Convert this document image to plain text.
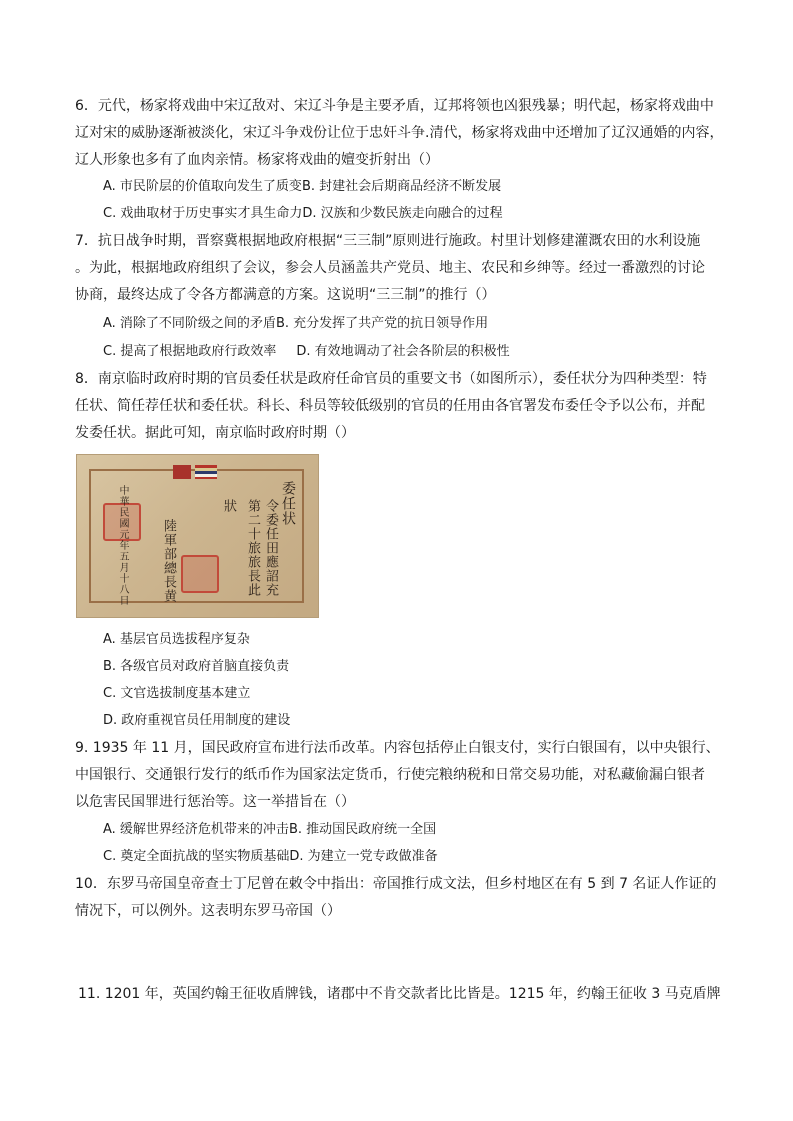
6．元代，杨家将戏曲中宋辽敌对、宋辽斗争是主要矛盾，辽邦将领也凶狠残暴；明代起，杨家将戏曲中
辽对宋的威胁逐渐被淡化，宋辽斗争戏份让位于忠奸斗争.清代，杨家将戏曲中还增加了辽汉通婚的内容，
辽人形象也多有了血肉亲情。杨家将戏曲的嬗变折射出（）
A. 市民阶层的价值取向发生了质变B. 封建社会后期商品经济不断发展
C. 戏曲取材于历史事实才具生命力D. 汉族和少数民族走向融合的过程
7．抗日战争时期，晋察冀根据地政府根据“三三制”原则进行施政。村里计划修建灌溉农田的水利设施
。为此，根据地政府组织了会议，参会人员涵盖共产党员、地主、农民和乡绅等。经过一番激烈的讨论
协商，最终达成了令各方都满意的方案。这说明“三三制”的推行（）
A. 消除了不同阶级之间的矛盾B. 充分发挥了共产党的抗日领导作用
C. 提高了根据地政府行政效率 D. 有效地调动了社会各阶层的积极性
8．南京临时政府时期的官员委任状是政府任命官员的重要文书（如图所示），委任状分为四种类型：特
任状、简任荐任状和委任状。科长、科员等较低级别的官员的任用由各官署发布委任令予以公布，并配
发委任状。据此可知，南京临时政府时期（）
委任状
令委任田應詔充
第二十旅旅長此
狀
陸軍部總長黄
中華民國元年五月十八日
A. 基层官员选拔程序复杂
B. 各级官员对政府首脑直接负责
C. 文官选拔制度基本建立
D. 政府重视官员任用制度的建设
9. 1935 年 11 月，国民政府宣布进行法币改革。内容包括停止白银支付，实行白银国有，以中央银行、
中国银行、交通银行发行的纸币作为国家法定货币，行使完粮纳税和日常交易功能，对私藏偷漏白银者
以危害民国罪进行惩治等。这一举措旨在（）
A. 缓解世界经济危机带来的冲击B. 推动国民政府统一全国
C. 奠定全面抗战的坚实物质基础D. 为建立一党专政做准备
10．东罗马帝国皇帝查士丁尼曾在敕令中指出：帝国推行成文法，但乡村地区在有 5 到 7 名证人作证的
情况下，可以例外。这表明东罗马帝国（）
11. 1201 年，英国约翰王征收盾牌钱，诸郡中不肯交款者比比皆是。1215 年，约翰王征收 3 马克盾牌
